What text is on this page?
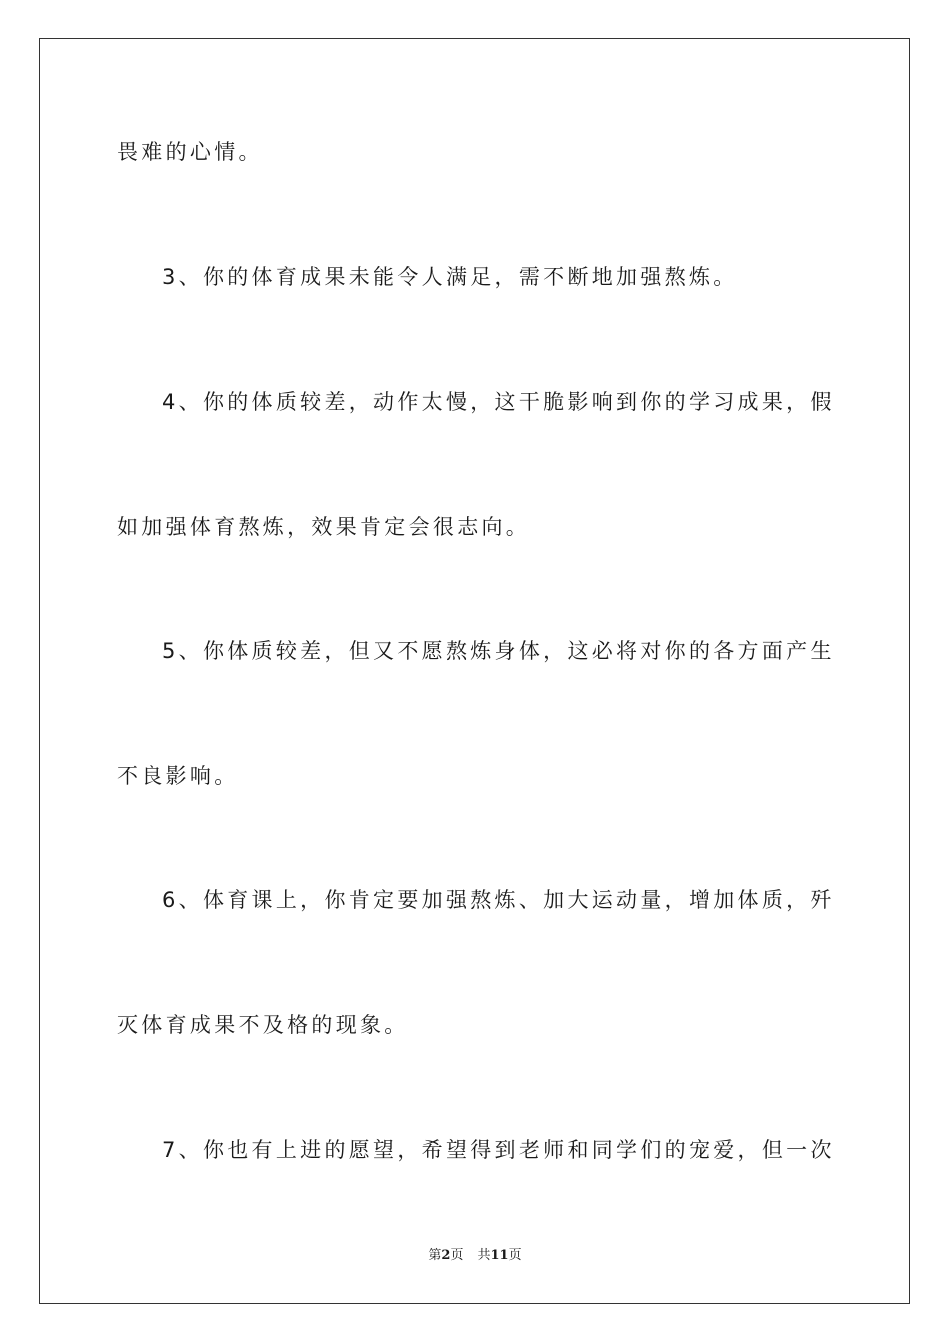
畏难的心情。
3、你的体育成果未能令人满足，需不断地加强熬炼。
4、你的体质较差，动作太慢，这干脆影响到你的学习成果，假
如加强体育熬炼，效果肯定会很志向。
5、你体质较差，但又不愿熬炼身体，这必将对你的各方面产生
不良影响。
6、体育课上，你肯定要加强熬炼、加大运动量，增加体质，歼
灭体育成果不及格的现象。
7、你也有上进的愿望，希望得到老师和同学们的宠爱，但一次
第2页 共11页
